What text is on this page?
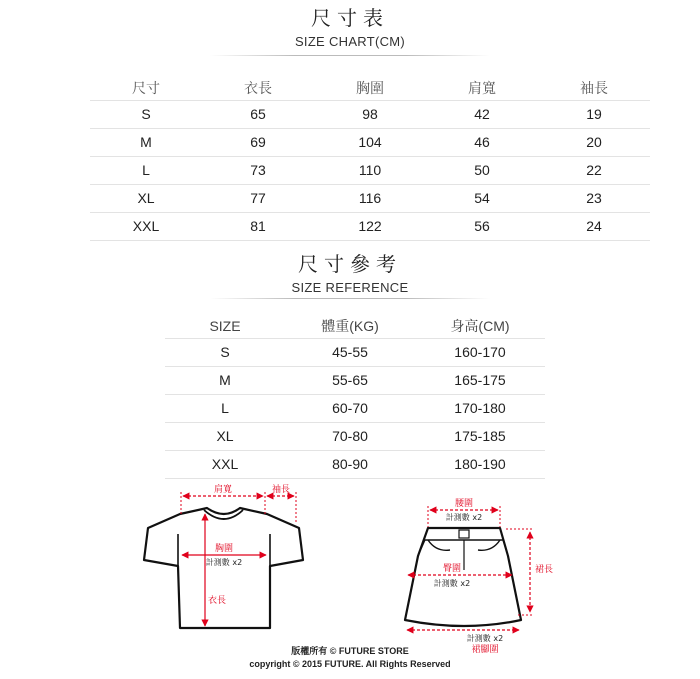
尺寸表
SIZE CHART(CM)
尺寸	衣長	胸圍	肩寬	袖長
S	65	98	42	19
M	69	104	46	20
L	73	110	50	22
XL	77	116	54	23
XXL	81	122	56	24
尺寸參考
SIZE REFERENCE
SIZE	體重(KG)	身高(CM)
S	45-55	160-170
M	55-65	165-175
L	60-70	170-180
XL	70-80	175-185
XXL	80-90	180-190
肩寬	袖長
胸圍
計測數 x2
衣長
腰圍
計測數 x2
臀圍
計測數 x2
裙長
計測數 x2
裙腳圍
版權所有 © FUTURE STORE
copyright © 2015 FUTURE. All Rights Reserved
